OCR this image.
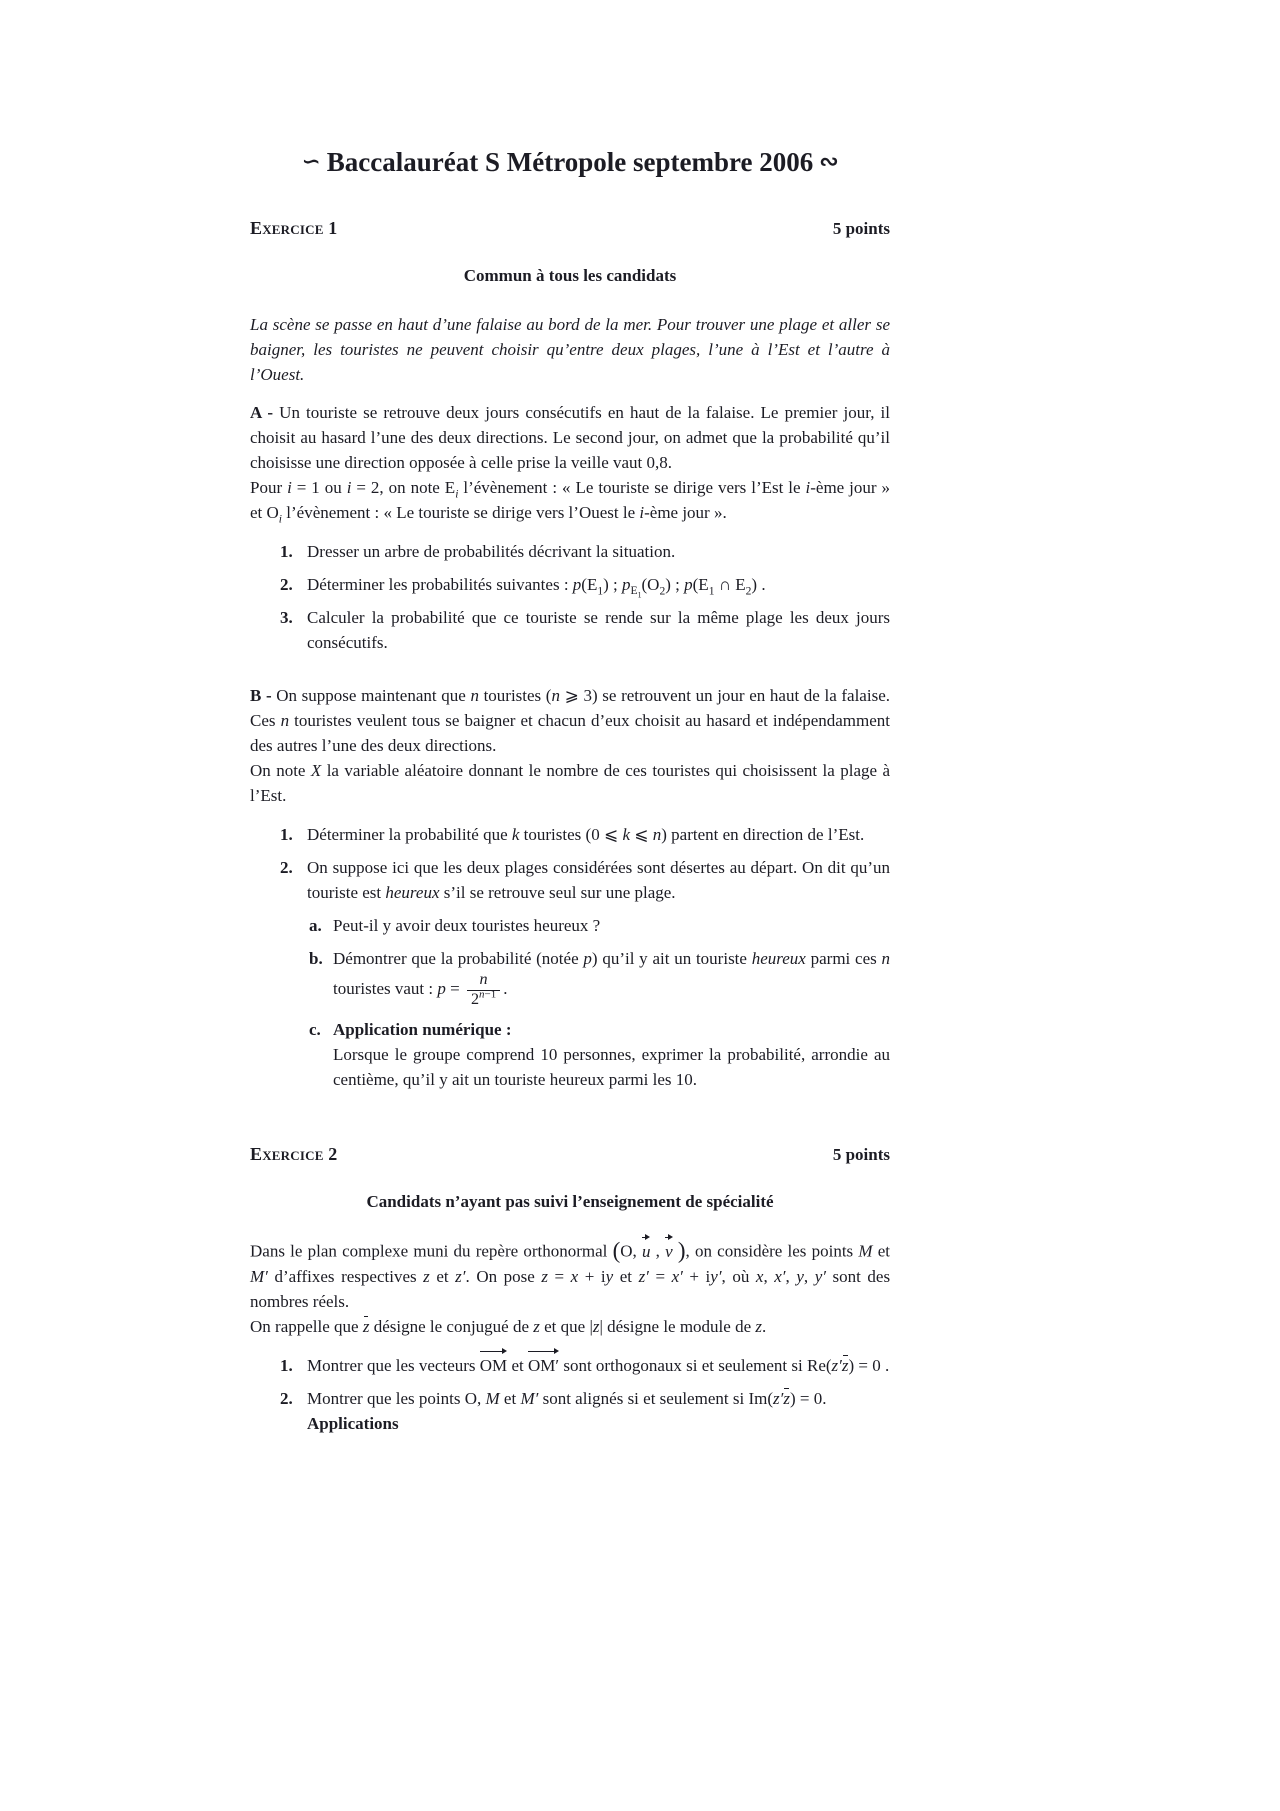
∽ Baccalauréat S Métropole septembre 2006 ∾
Exercice 1	5 points
Commun à tous les candidats

La scène se passe en haut d’une falaise au bord de la mer. Pour trouver une plage et aller se baigner, les touristes ne peuvent choisir qu’entre deux plages, l’une à l’Est et l’autre à l’Ouest.

A - Un touriste se retrouve deux jours consécutifs en haut de la falaise. Le premier jour, il choisit au hasard l’une des deux directions. Le second jour, on admet que la probabilité qu’il choisisse une direction opposée à celle prise la veille vaut 0,8.

Pour i = 1 ou i = 2, on note $E_i$ l’évènement : « Le touriste se dirige vers l’Est le i-ème jour » et $O_i$ l’évènement : « Le touriste se dirige vers l’Ouest le i-ème jour ».

1. Dresser un arbre de probabilités décrivant la situation.
2. Déterminer les probabilités suivantes : $p(E_1)$ ; $p_{E_1}(O_2)$ ; $p(E_1$ ∩ $E_2$) .
3. Calculer la probabilité que ce touriste se rende sur la même plage les deux jours consécutifs.

B - On suppose maintenant que n touristes (n ⩾ 3) se retrouvent un jour en haut de la falaise. Ces n touristes veulent tous se baigner et chacun d’eux choisit au hasard et indépendamment des autres l’une des deux directions.

On note X la variable aléatoire donnant le nombre de ces touristes qui choisissent la plage à l’Est.

1. Déterminer la probabilité que k touristes (0 ⩽ k ⩽ n) partent en direction de l’Est.
2. On suppose ici que les deux plages considérées sont désertes au départ. On dit qu’un touriste est heureux s’il se retrouve seul sur une plage.
a. Peut-il y avoir deux touristes heureux ?
b. Démontrer que la probabilité (notée p) qu’il y ait un touriste heureux parmi ces n touristes vaut : $p = \frac{n}{2^{n-1}}$ .
c. Application numérique :
Lorsque le groupe comprend 10 personnes, exprimer la probabilité, arrondie au centième, qu’il y ait un touriste heureux parmi les 10.
Exercice 2	5 points
Candidats n’ayant pas suivi l’enseignement de spécialité

Dans le plan complexe muni du repère orthonormal (O, u , v ), on considère les points M et M′ d’affixes respectives z et z′. On pose z = x + iy et z′ = x′ + iy′, où x, x′, y, y′ sont des nombres réels.

On rappelle que z désigne le conjugué de z et que |z| désigne le module de z.

1. Montrer que les vecteurs OM et OM′ sont orthogonaux si et seulement si Re(z′z) = 0 .
2. Montrer que les points O, M et M′ sont alignés si et seulement si Im(z′z) = 0.
Applications
